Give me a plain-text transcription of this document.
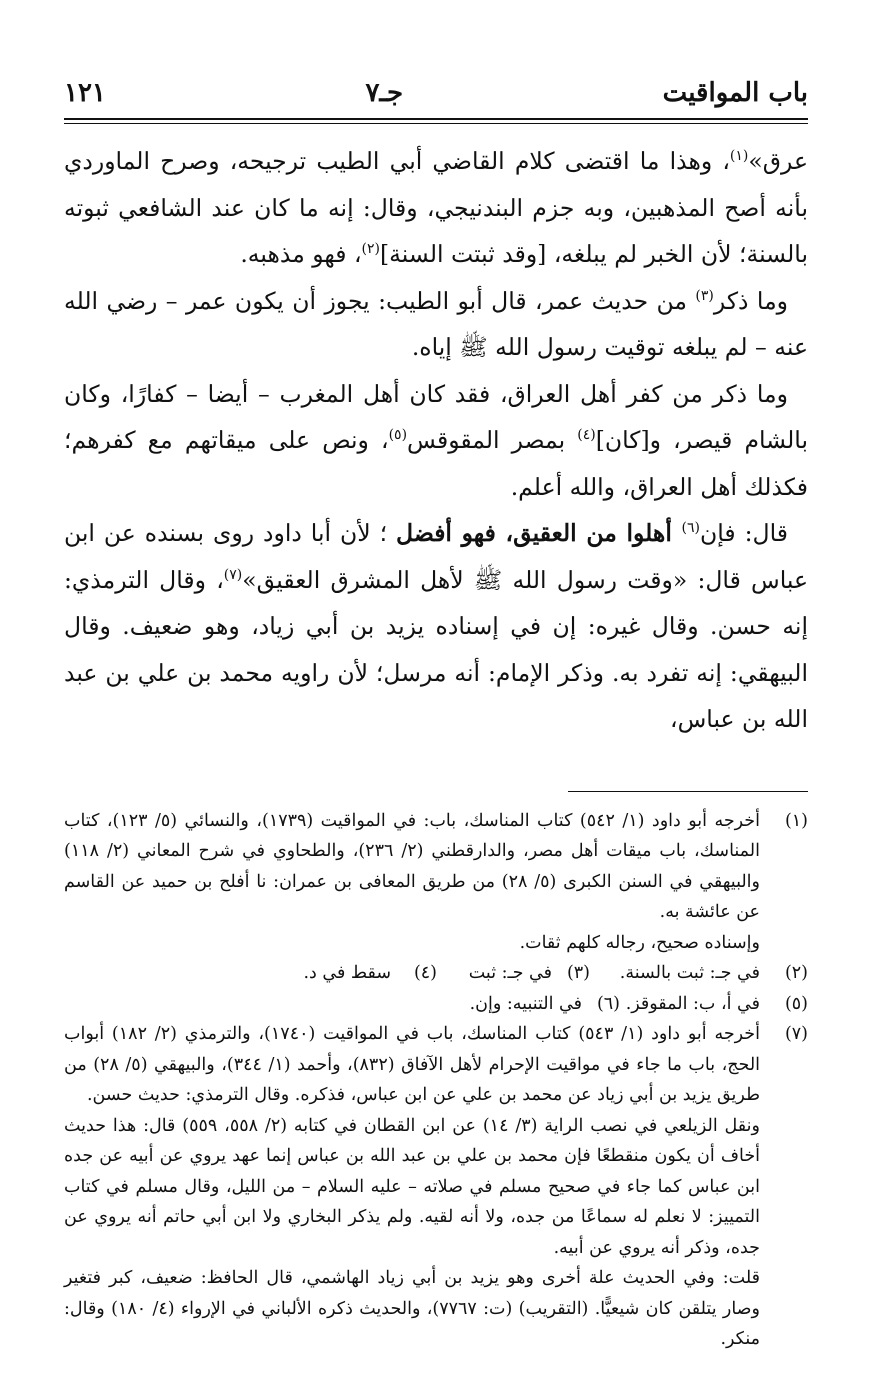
باب المواقيت
جـ٧
١٢١

عرق»$^{(١)}$، وهذا ما اقتضى كلام القاضي أبي الطيب ترجيحه، وصرح الماوردي بأنه أصح المذهبين، وبه جزم البندنيجي، وقال: إنه ما كان عند الشافعي ثبوته بالسنة؛ لأن الخبر لم يبلغه، [وقد ثبتت السنة]$^{(٢)}$، فهو مذهبه.

وما ذكر$^{(٣)}$ من حديث عمر، قال أبو الطيب: يجوز أن يكون عمر – رضي الله عنه – لم يبلغه توقيت رسول الله ﷺ إياه.

وما ذكر من كفر أهل العراق، فقد كان أهل المغرب – أيضا – كفارًا، وكان بالشام قيصر، و[كان]$^{(٤)}$ بمصر المقوقس$^{(٥)}$، ونص على ميقاتهم مع كفرهم؛ فكذلك أهل العراق، والله أعلم.

قال: فإن$^{(٦)}$ أهلوا من العقيق، فهو أفضل ؛ لأن أبا داود روى بسنده عن ابن عباس قال: «وقت رسول الله ﷺ لأهل المشرق العقيق»$^{(٧)}$، وقال الترمذي: إنه حسن. وقال غيره: إن في إسناده يزيد بن أبي زياد، وهو ضعيف. وقال البيهقي: إنه تفرد به. وذكر الإمام: أنه مرسل؛ لأن راويه محمد بن علي بن عبد الله بن عباس،

(١)
أخرجه أبو داود (١/ ٥٤٢) كتاب المناسك، باب: في المواقيت (١٧٣٩)، والنسائي (٥/ ١٢٣)، كتاب المناسك، باب ميقات أهل مصر، والدارقطني (٢/ ٢٣٦)، والطحاوي في شرح المعاني (٢/ ١١٨) والبيهقي في السنن الكبرى (٥/ ٢٨) من طريق المعافى بن عمران: نا أفلح بن حميد عن القاسم عن عائشة به.
وإسناده صحيح، رجاله كلهم ثقات.
(٢)
في جـ: ثبت بالسنة.
(٣)
في جـ: ثبت
(٤)
سقط في د.
(٥)
في أ، ب: المقوقز.
(٦)
في التنبيه: وإن.
(٧)
أخرجه أبو داود (١/ ٥٤٣) كتاب المناسك، باب في المواقيت (١٧٤٠)، والترمذي (٢/ ١٨٢) أبواب الحج، باب ما جاء في مواقيت الإحرام لأهل الآفاق (٨٣٢)، وأحمد (١/ ٣٤٤)، والبيهقي (٥/ ٢٨) من طريق يزيد بن أبي زياد عن محمد بن علي عن ابن عباس، فذكره. وقال الترمذي: حديث حسن.
ونقل الزيلعي في نصب الراية (٣/ ١٤) عن ابن القطان في كتابه (٢/ ٥٥٨، ٥٥٩) قال: هذا حديث أخاف أن يكون منقطعًا فإن محمد بن علي بن عبد الله بن عباس إنما عهد يروي عن أبيه عن جده ابن عباس كما جاء في صحيح مسلم في صلاته – عليه السلام – من الليل، وقال مسلم في كتاب التمييز: لا نعلم له سماعًا من جده، ولا أنه لقيه. ولم يذكر البخاري ولا ابن أبي حاتم أنه يروي عن جده، وذكر أنه يروي عن أبيه.
قلت: وفي الحديث علة أخرى وهو يزيد بن أبي زياد الهاشمي، قال الحافظ: ضعيف، كبر فتغير وصار يتلقن كان شيعيًّا. (التقريب) (ت: ٧٧٦٧)، والحديث ذكره الألباني في الإرواء (٤/ ١٨٠) وقال: منكر.
